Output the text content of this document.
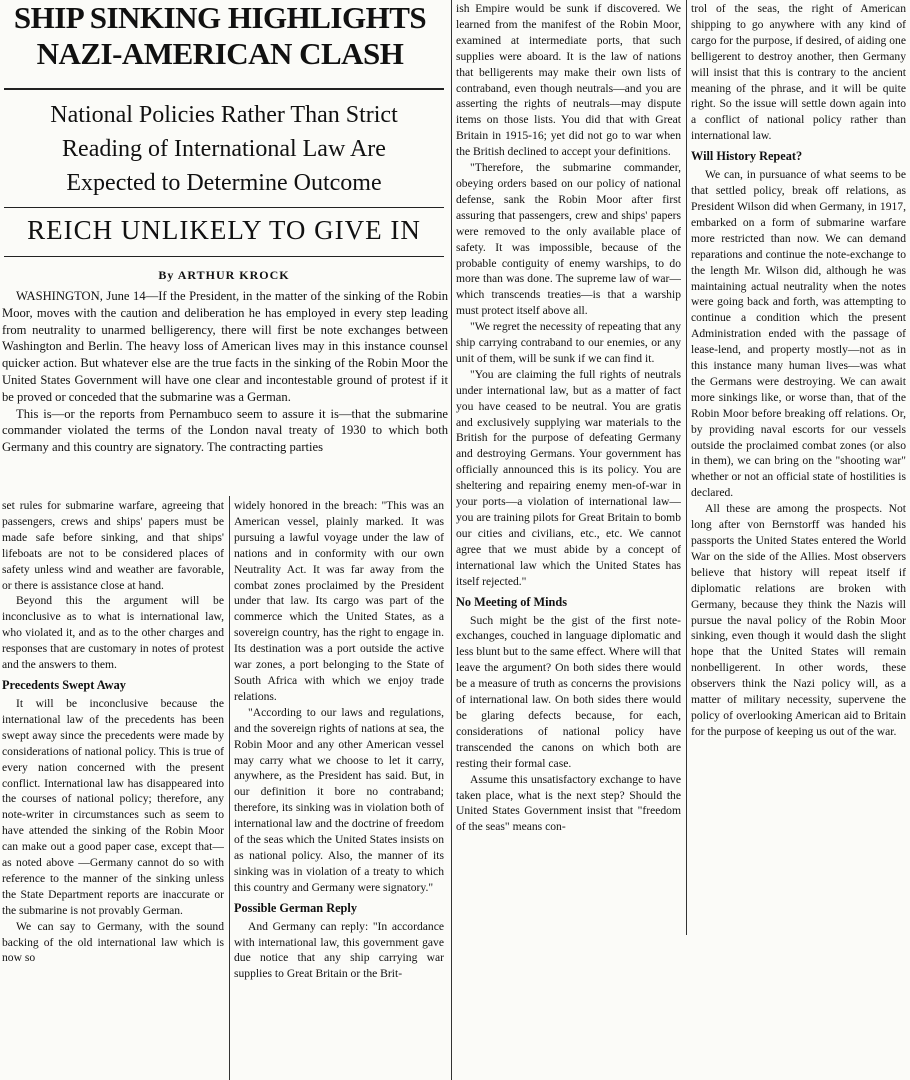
SHIP SINKING HIGHLIGHTS
NAZI-AMERICAN CLASH
National Policies Rather Than Strict
Reading of International Law Are
Expected to Determine Outcome
REICH UNLIKELY TO GIVE IN
By ARTHUR KROCK

WASHINGTON, June 14—If the President, in the matter of the sinking of the Robin Moor, moves with the caution and deliberation he has employed in every step leading from neutrality to unarmed belligerency, there will first be note exchanges between Washington and Berlin. The heavy loss of American lives may in this instance counsel quicker action. But whatever else are the true facts in the sinking of the Robin Moor the United States Government will have one clear and incontestable ground of protest if it be proved or conceded that the submarine was a German.

This is—or the reports from Pernambuco seem to assure it is—that the submarine commander violated the terms of the London naval treaty of 1930 to which both Germany and this country are signatory. The contracting parties

set rules for submarine warfare, agreeing that passengers, crews and ships' papers must be made safe before sinking, and that ships' lifeboats are not to be considered places of safety unless wind and weather are favorable, or there is assistance close at hand.

Beyond this the argument will be inconclusive as to what is international law, who violated it, and as to the other charges and responses that are customary in notes of protest and the answers to them.

Precedents Swept Away

It will be inconclusive because the international law of the precedents has been swept away since the precedents were made by considerations of national policy. This is true of every nation concerned with the present conflict. International law has disappeared into the courses of national policy; therefore, any note-writer in circumstances such as seem to have attended the sinking of the Robin Moor can make out a good paper case, except that—as noted above —Germany cannot do so with reference to the manner of the sinking unless the State Department reports are inaccurate or the submarine is not provably German.

We can say to Germany, with the sound backing of the old international law which is now so

widely honored in the breach: "This was an American vessel, plainly marked. It was pursuing a lawful voyage under the law of nations and in conformity with our own Neutrality Act. It was far away from the combat zones proclaimed by the President under that law. Its cargo was part of the commerce which the United States, as a sovereign country, has the right to engage in. Its destination was a port outside the active war zones, a port belonging to the State of South Africa with which we enjoy trade relations.

"According to our laws and regulations, and the sovereign rights of nations at sea, the Robin Moor and any other American vessel may carry what we choose to let it carry, anywhere, as the President has said. But, in our definition it bore no contraband; therefore, its sinking was in violation both of international law and the doctrine of freedom of the seas which the United States insists on as national policy. Also, the manner of its sinking was in violation of a treaty to which this country and Germany were signatory."

Possible German Reply

And Germany can reply: "In accordance with international law, this government gave due notice that any ship carrying war supplies to Great Britain or the Brit-

ish Empire would be sunk if discovered. We learned from the manifest of the Robin Moor, examined at intermediate ports, that such supplies were aboard. It is the law of nations that belligerents may make their own lists of contraband, even though neutrals—and you are asserting the rights of neutrals—may dispute items on those lists. You did that with Great Britain in 1915-16; yet did not go to war when the British declined to accept your definitions.

"Therefore, the submarine commander, obeying orders based on our policy of national defense, sank the Robin Moor after first assuring that passengers, crew and ships' papers were removed to the only available place of safety. It was impossible, because of the probable contiguity of enemy warships, to do more than was done. The supreme law of war—which transcends treaties—is that a warship must protect itself above all.

"We regret the necessity of repeating that any ship carrying contraband to our enemies, or any unit of them, will be sunk if we can find it.

"You are claiming the full rights of neutrals under international law, but as a matter of fact you have ceased to be neutral. You are gratis and exclusively supplying war materials to the British for the purpose of defeating Germany and destroying Germans. Your government has officially announced this is its policy. You are sheltering and repairing enemy men-of-war in your ports—a violation of international law—you are training pilots for Great Britain to bomb our cities and civilians, etc., etc. We cannot agree that we must abide by a concept of international law which the United States has itself rejected."

No Meeting of Minds

Such might be the gist of the first note-exchanges, couched in language diplomatic and less blunt but to the same effect. Where will that leave the argument? On both sides there would be a measure of truth as concerns the provisions of international law. On both sides there would be glaring defects because, for each, considerations of national policy have transcended the canons on which both are resting their formal case.

Assume this unsatisfactory exchange to have taken place, what is the next step? Should the United States Government insist that "freedom of the seas" means con-

trol of the seas, the right of American shipping to go anywhere with any kind of cargo for the purpose, if desired, of aiding one belligerent to destroy another, then Germany will insist that this is contrary to the ancient meaning of the phrase, and it will be quite right. So the issue will settle down again into a conflict of national policy rather than international law.

Will History Repeat?

We can, in pursuance of what seems to be that settled policy, break off relations, as President Wilson did when Germany, in 1917, embarked on a form of submarine warfare more restricted than now. We can demand reparations and continue the note-exchange to the length Mr. Wilson did, although he was maintaining actual neutrality when the notes were going back and forth, was attempting to continue a condition which the present Administration ended with the passage of lease-lend, and property mostly—not as in this instance many human lives—was what the Germans were destroying. We can await more sinkings like, or worse than, that of the Robin Moor before breaking off relations. Or, by providing naval escorts for our vessels outside the proclaimed combat zones (or also in them), we can bring on the "shooting war" whether or not an official state of hostilities is declared.

All these are among the prospects. Not long after von Bernstorff was handed his passports the United States entered the World War on the side of the Allies. Most observers believe that history will repeat itself if diplomatic relations are broken with Germany, because they think the Nazis will pursue the naval policy of the Robin Moor sinking, even though it would dash the slight hope that the United States will remain nonbelligerent. In other words, these observers think the Nazi policy will, as a matter of military necessity, supervene the policy of overlooking American aid to Britain for the purpose of keeping us out of the war.
